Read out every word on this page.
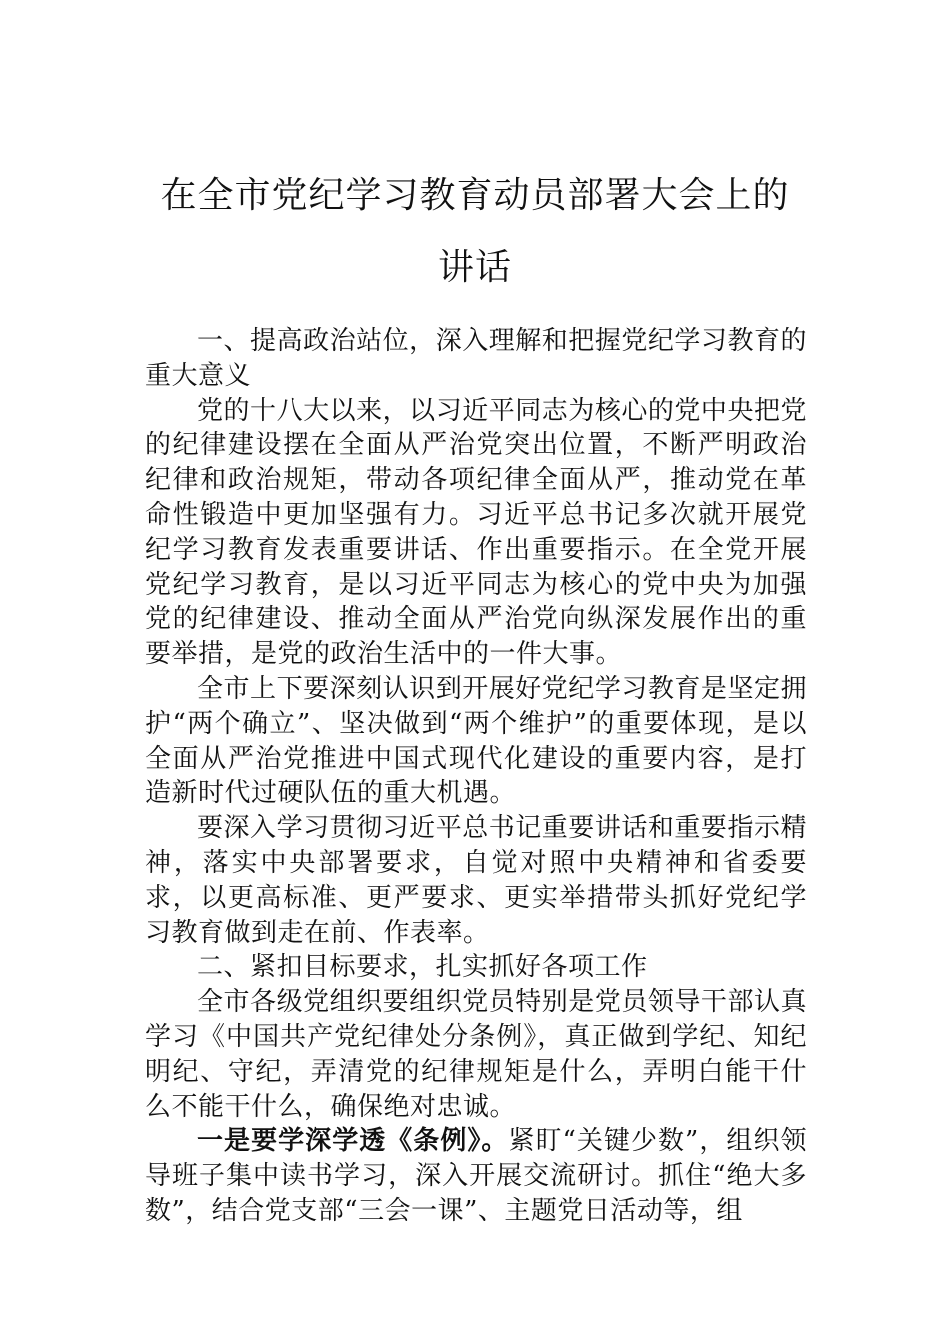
在全市党纪学习教育动员部署大会上的讲话

一、提高政治站位，深入理解和把握党纪学习教育的重大意义

党的十八大以来，以习近平同志为核心的党中央把党的纪律建设摆在全面从严治党突出位置，不断严明政治纪律和政治规矩，带动各项纪律全面从严，推动党在革命性锻造中更加坚强有力。习近平总书记多次就开展党纪学习教育发表重要讲话、作出重要指示。在全党开展党纪学习教育，是以习近平同志为核心的党中央为加强党的纪律建设、推动全面从严治党向纵深发展作出的重要举措，是党的政治生活中的一件大事。

全市上下要深刻认识到开展好党纪学习教育是坚定拥护“两个确立”、坚决做到“两个维护”的重要体现，是以全面从严治党推进中国式现代化建设的重要内容，是打造新时代过硬队伍的重大机遇。

要深入学习贯彻习近平总书记重要讲话和重要指示精神，落实中央部署要求，自觉对照中央精神和省委要求，以更高标准、更严要求、更实举措带头抓好党纪学习教育做到走在前、作表率。

二、紧扣目标要求，扎实抓好各项工作

全市各级党组织要组织党员特别是党员领导干部认真学习《中国共产党纪律处分条例》，真正做到学纪、知纪明纪、守纪，弄清党的纪律规矩是什么，弄明白能干什么不能干什么，确保绝对忠诚。

一是要学深学透《条例》。紧盯“关键少数”，组织领导班子集中读书学习，深入开展交流研讨。抓住“绝大多数”，结合党支部“三会一课”、主题党日活动等，组
